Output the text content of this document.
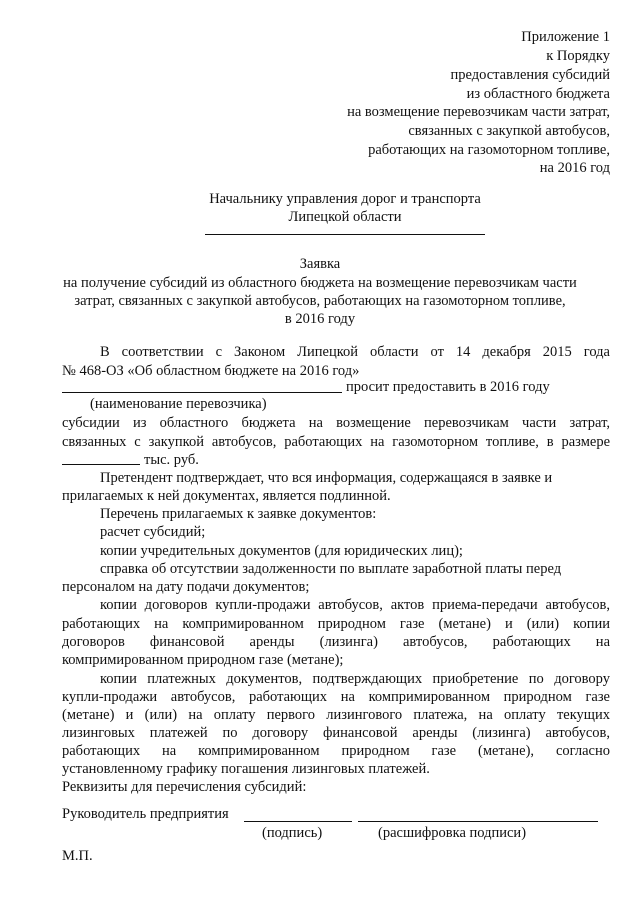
Приложение 1
к Порядку
предоставления субсидий
из областного бюджета
на возмещение перевозчикам части затрат,
связанных с закупкой автобусов,
работающих на газомоторном топливе,
на 2016 год
Начальнику управления дорог и транспорта
Липецкой области
Заявка
на получение субсидий из областного бюджета на возмещение перевозчикам части
затрат, связанных с закупкой автобусов, работающих на газомоторном топливе,
в 2016 году
В соответствии с Законом Липецкой области от 14 декабря 2015 года
№ 468-ОЗ «Об областном бюджете на 2016 год»
просит предоставить в 2016 году
(наименование перевозчика)
субсидии из областного бюджета на возмещение перевозчикам части затрат,
связанных с закупкой автобусов, работающих на газомоторном топливе, в размере
тыс. руб.
Претендент подтверждает, что вся информация, содержащаяся в заявке и
прилагаемых к ней документах, является подлинной.
Перечень прилагаемых к заявке документов:
расчет субсидий;
копии учредительных документов (для юридических лиц);
справка об отсутствии задолженности по выплате заработной платы перед
персоналом на дату подачи документов;
копии договоров купли-продажи автобусов, актов приема-передачи автобусов,
работающих на компримированном природном газе (метане) и (или) копии
договоров финансовой аренды (лизинга) автобусов, работающих на
компримированном природном газе (метане);
копии платежных документов, подтверждающих приобретение по договору
купли-продажи автобусов, работающих на компримированном природном газе
(метане) и (или) на оплату первого лизингового платежа, на оплату текущих
лизинговых платежей по договору финансовой аренды (лизинга) автобусов,
работающих на компримированном природном газе (метане), согласно
установленному графику погашения лизинговых платежей.
Реквизиты для перечисления субсидий:
Руководитель предприятия
(подпись)	(расшифровка подписи)
М.П.
